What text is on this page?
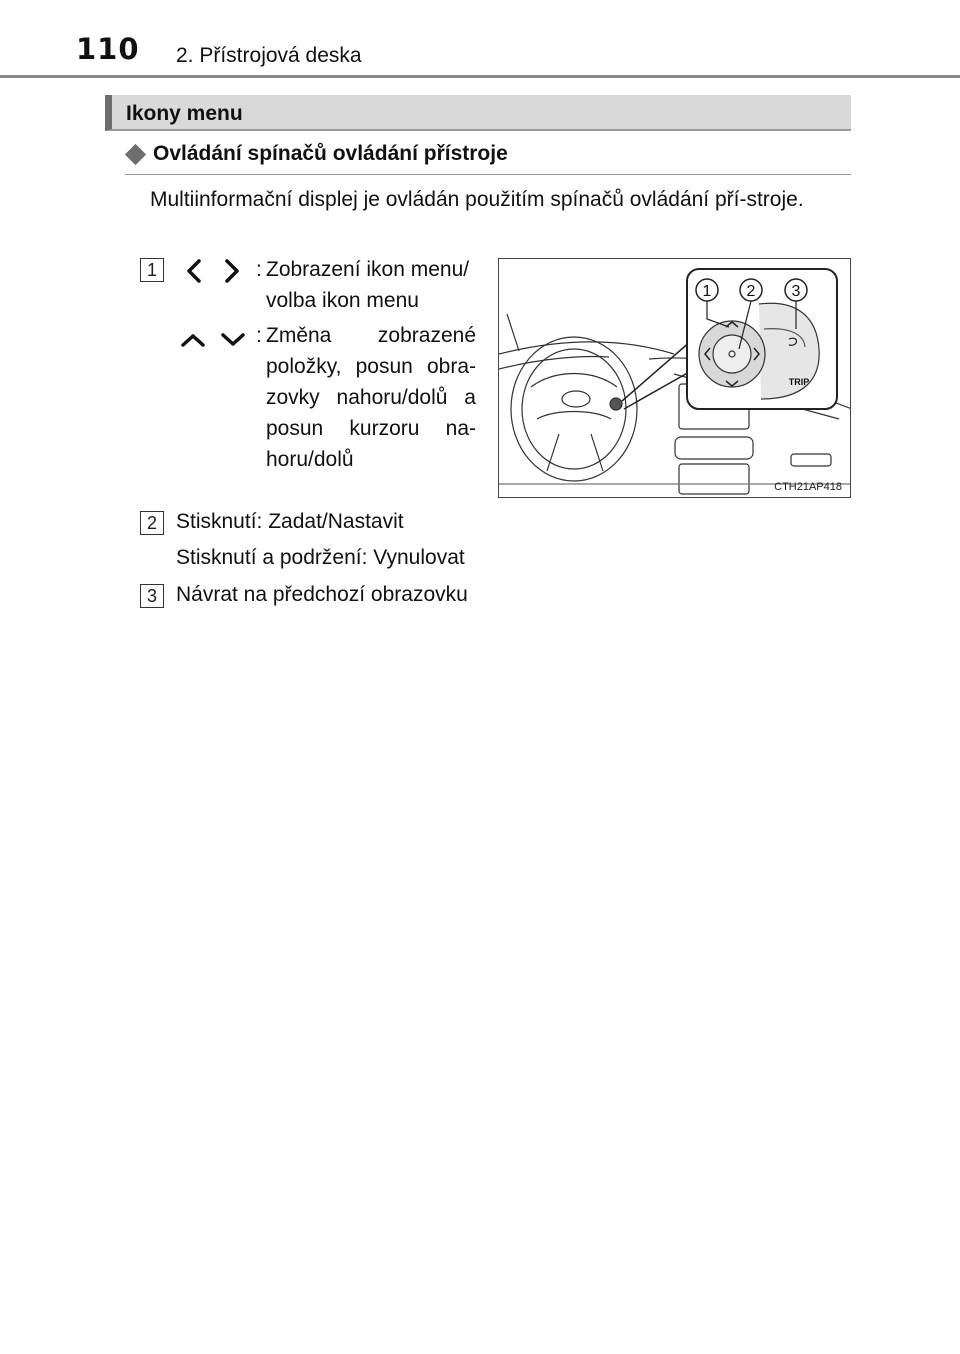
110 2. Přístrojová deska
Ikony menu
Ovládání spínačů ovládání přístroje
Multiinformační displej je ovládán použitím spínačů ovládání pří-stroje.
1	: Zobrazení ikon menu/ volba ikon menu
: Změna zobrazené položky, posun obra-zovky nahoru/dolů a posun kurzoru na-horu/dolů
1 2 3
TRIP
CTH21AP418
2 Stisknutí: Zadat/Nastavit
Stisknutí a podržení: Vynulovat
3 Návrat na předchozí obrazovku
